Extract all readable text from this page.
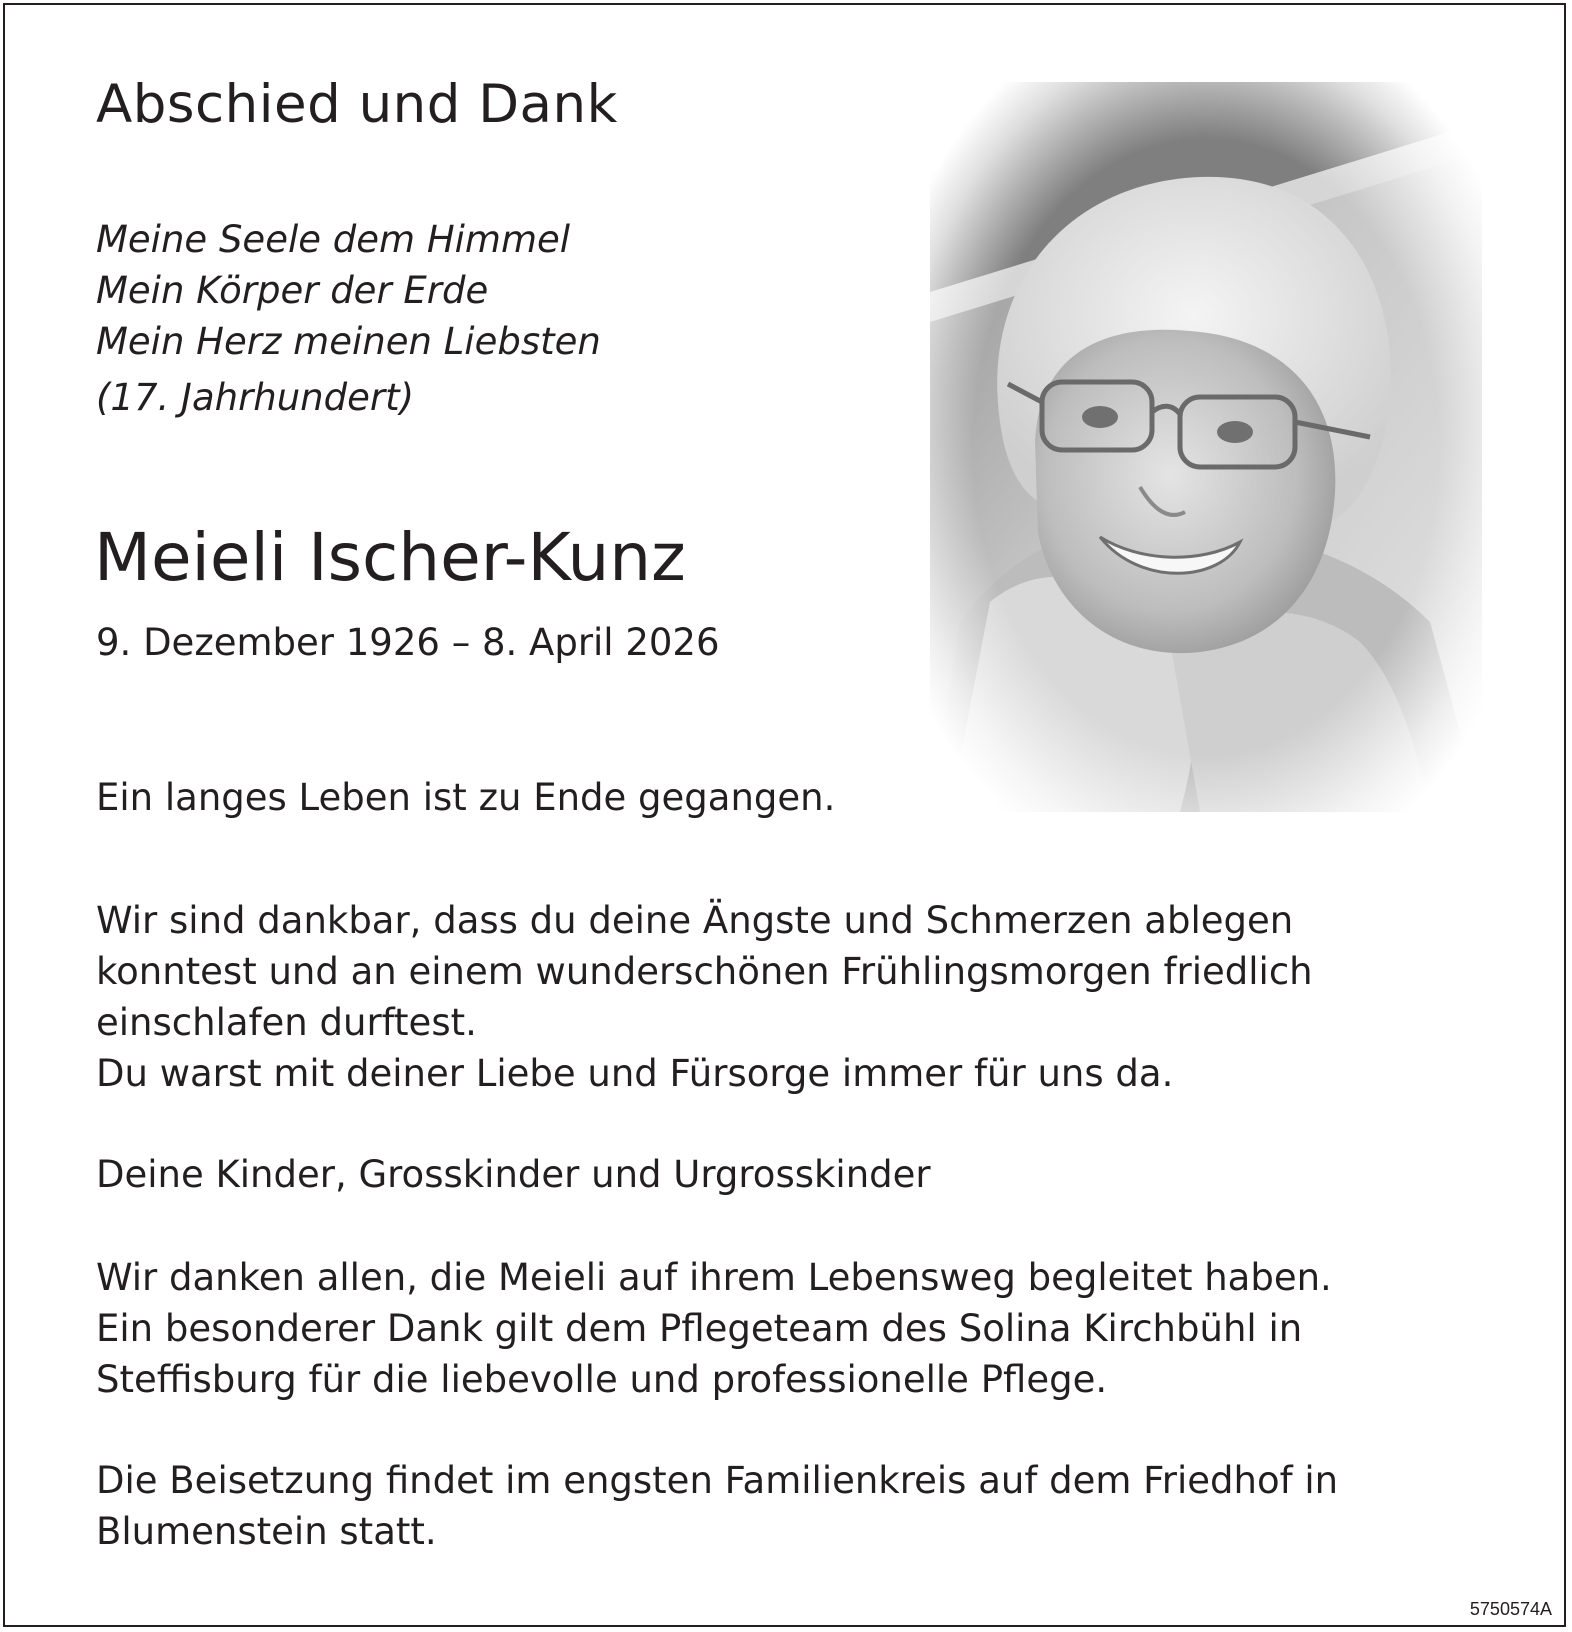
Abschied und Dank
Meine Seele dem Himmel
Mein Körper der Erde
Mein Herz meinen Liebsten
(17. Jahrhundert)
Meieli Ischer-Kunz
9. Dezember 1926 – 8. April 2026
Ein langes Leben ist zu Ende gegangen.
Wir sind dankbar, dass du deine Ängste und Schmerzen ablegen
konntest und an einem wunderschönen Frühlingsmorgen friedlich
einschlafen durftest.
Du warst mit deiner Liebe und Fürsorge immer für uns da.
Deine Kinder, Grosskinder und Urgrosskinder
Wir danken allen, die Meieli auf ihrem Lebensweg begleitet haben.
Ein besonderer Dank gilt dem Pflegeteam des Solina Kirchbühl in
Steffisburg für die liebevolle und professionelle Pflege.
Die Beisetzung findet im engsten Familienkreis auf dem Friedhof in
Blumenstein statt.
5750574A
